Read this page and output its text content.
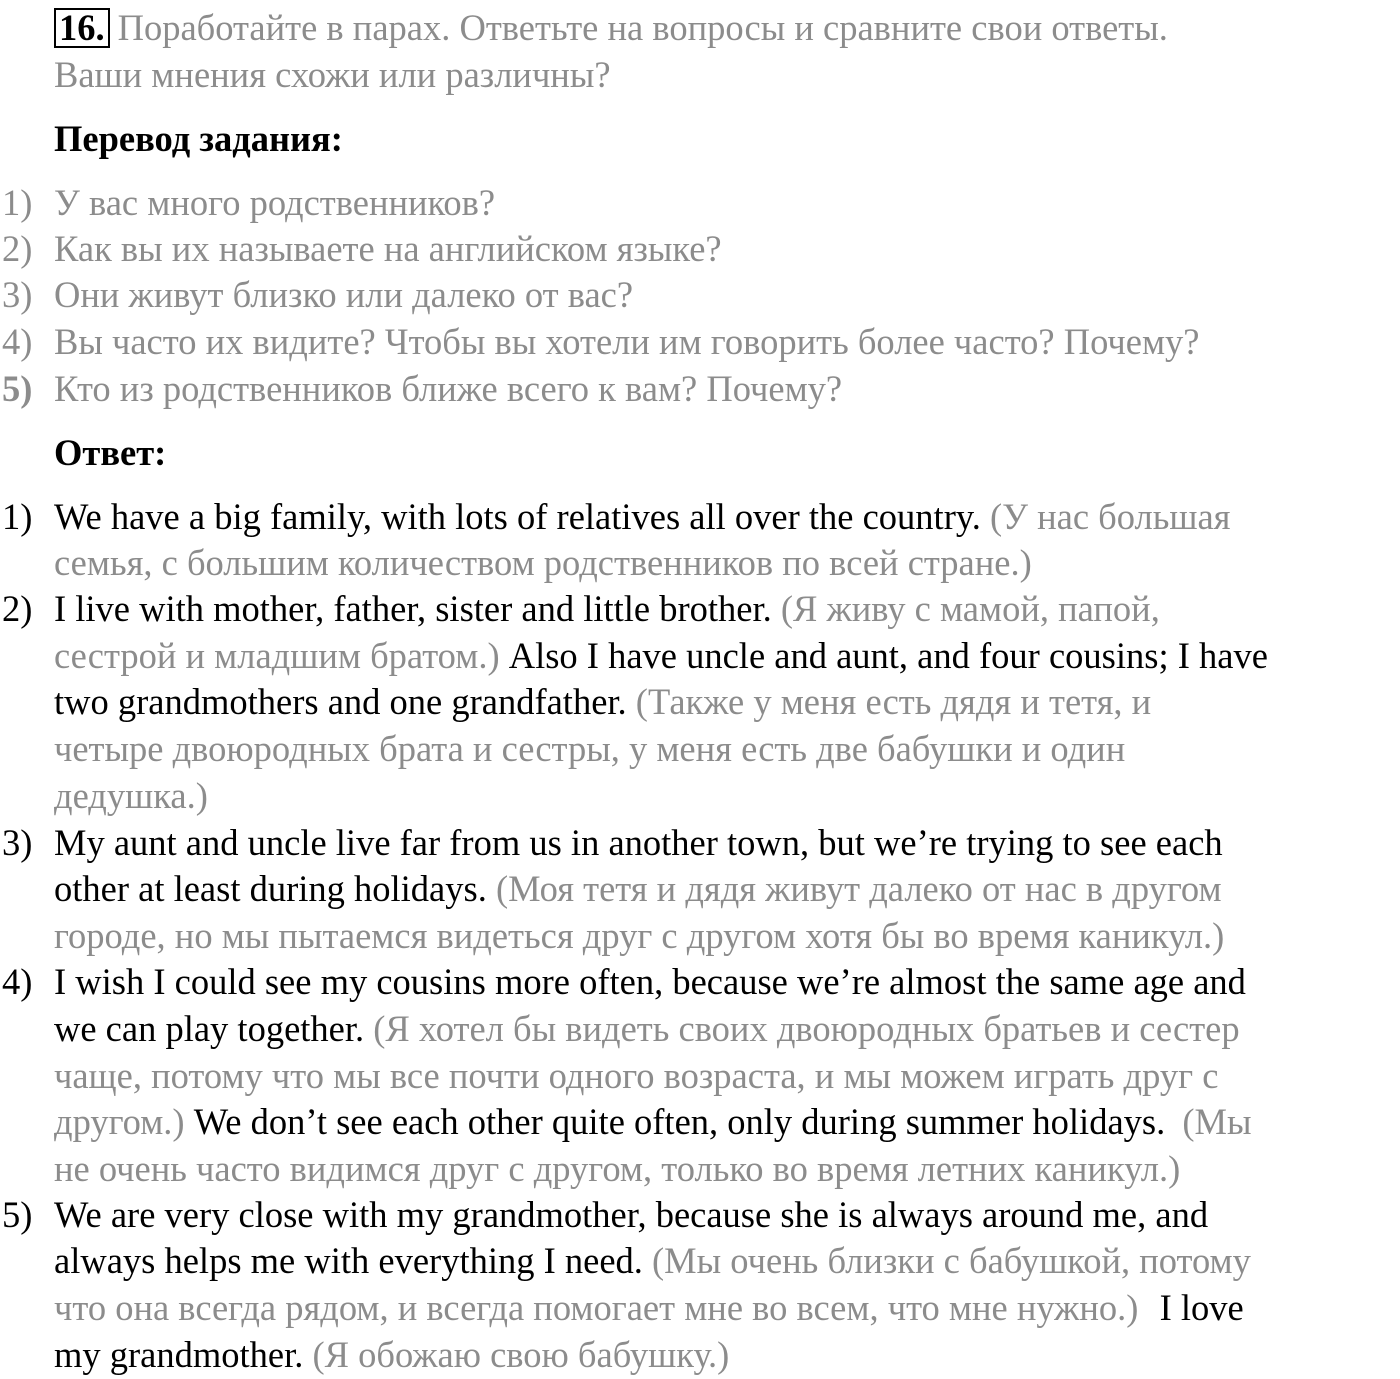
16. Поработайте в парах. Ответьте на вопросы и сравните свои ответы.
Ваши мнения схожи или различны?
Перевод задания:
1) У вас много родственников?
2) Как вы их называете на английском языке?
3) Они живут близко или далеко от вас?
4) Вы часто их видите? Чтобы вы хотели им говорить более часто? Почему?
5) Кто из родственников ближе всего к вам? Почему?
Ответ:
1) We have a big family, with lots of relatives all over the country. (У нас большая
семья, с большим количеством родственников по всей стране.)
2) I live with mother, father, sister and little brother. (Я живу с мамой, папой,
сестрой и младшим братом.) Also I have uncle and aunt, and four cousins; I have
two grandmothers and one grandfather. (Также у меня есть дядя и тетя, и
четыре двоюродных брата и сестры, у меня есть две бабушки и один
дедушка.)
3) My aunt and uncle live far from us in another town, but we’re trying to see each
other at least during holidays. (Моя тетя и дядя живут далеко от нас в другом
городе, но мы пытаемся видеться друг с другом хотя бы во время каникул.)
4) I wish I could see my cousins more often, because we’re almost the same age and
we can play together. (Я хотел бы видеть своих двоюродных братьев и сестер
чаще, потому что мы все почти одного возраста, и мы можем играть друг с
другом.) We don’t see each other quite often, only during summer holidays. (Мы
не очень часто видимся друг с другом, только во время летних каникул.)
5) We are very close with my grandmother, because she is always around me, and
always helps me with everything I need. (Мы очень близки с бабушкой, потому
что она всегда рядом, и всегда помогает мне во всем, что мне нужно.) I love
my grandmother. (Я обожаю свою бабушку.)
